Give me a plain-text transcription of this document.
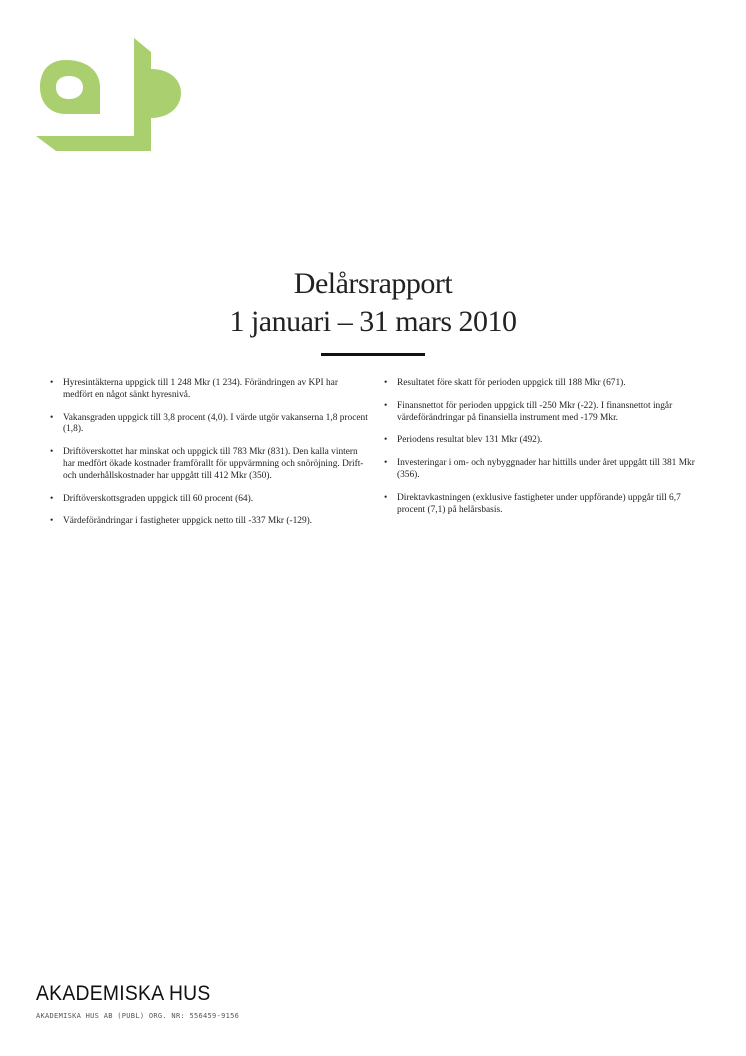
Delårsrapport

1 januari – 31 mars 2010

• Hyresintäkterna uppgick till 1 248 Mkr (1 234). Förändringen av KPI har medfört en något sänkt hyresnivå.
• Vakansgraden uppgick till 3,8 procent (4,0). I värde utgör vakanserna 1,8 procent (1,8).
• Driftöverskottet har minskat och uppgick till 783 Mkr (831). Den kalla vintern har medfört ökade kostnader framförallt för uppvärmning och snöröjning. Drift- och underhållskostnader har uppgått till 412 Mkr (350).
• Driftöverskottsgraden uppgick till 60 procent (64).
• Värdeförändringar i fastigheter uppgick netto till -337 Mkr (-129).
• Resultatet före skatt för perioden uppgick till 188 Mkr (671).
• Finansnettot för perioden uppgick till -250 Mkr (-22). I finansnettot ingår värdeförändringar på finansiella instrument med -179 Mkr.
• Periodens resultat blev 131 Mkr (492).
• Investeringar i om- och nybyggnader har hittills under året uppgått till 381 Mkr (356).
• Direktavkastningen (exklusive fastigheter under uppförande) uppgår till 6,7 procent (7,1) på helårsbasis.

AKADEMISKA HUS

AKADEMISKA HUS AB (PUBL) ORG. NR: 556459-9156
